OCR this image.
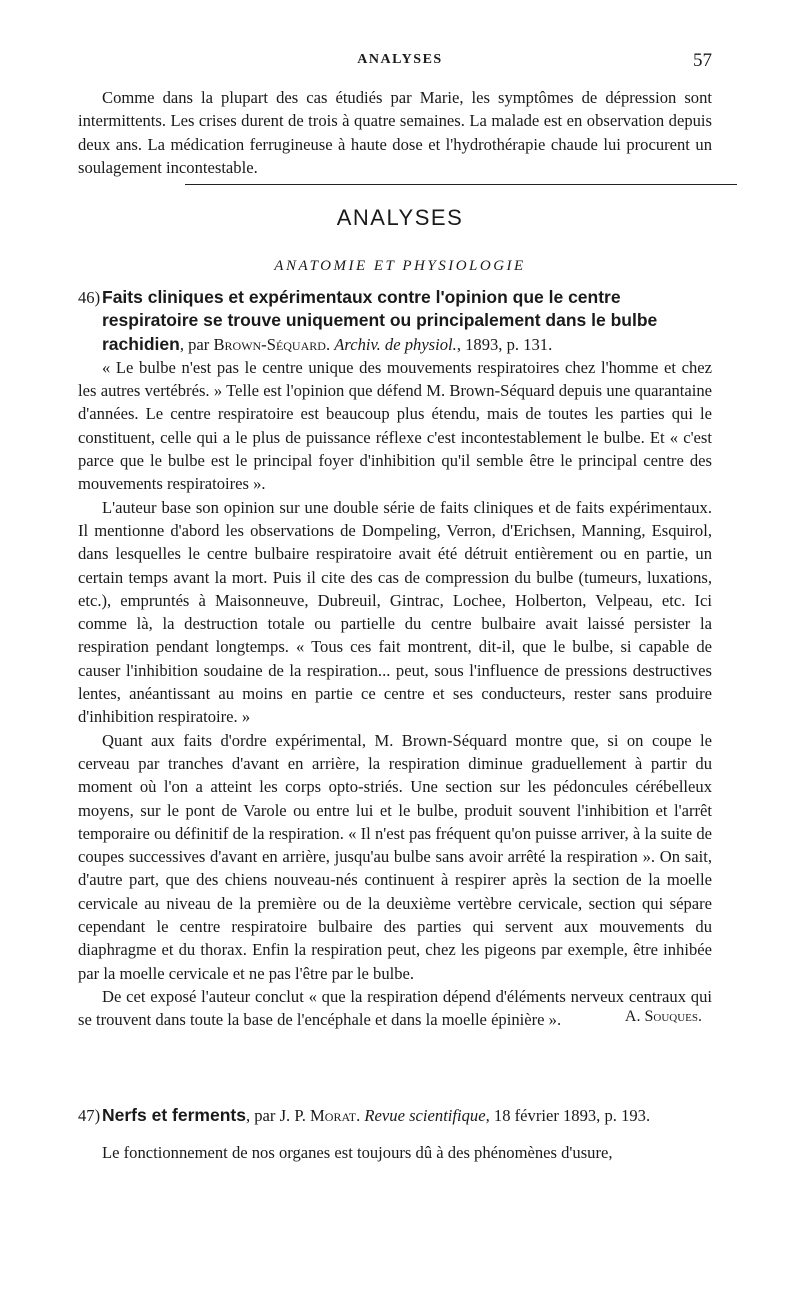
ANALYSES	57

Comme dans la plupart des cas étudiés par Marie, les symptômes de dépression sont intermittents. Les crises durent de trois à quatre semaines. La malade est en observation depuis deux ans. La médication ferrugineuse à haute dose et l'hydrothérapie chaude lui procurent un soulagement incontestable.

ANALYSES
ANATOMIE ET PHYSIOLOGIE
46) Faits cliniques et expérimentaux contre l'opinion que le centre respiratoire se trouve uniquement ou principalement dans le bulbe rachidien, par Brown-Séquard. Archiv. de physiol., 1893, p. 131.

« Le bulbe n'est pas le centre unique des mouvements respiratoires chez l'homme et chez les autres vertébrés. » Telle est l'opinion que défend M. Brown-Séquard depuis une quarantaine d'années. Le centre respiratoire est beaucoup plus étendu, mais de toutes les parties qui le constituent, celle qui a le plus de puissance réflexe c'est incontestablement le bulbe. Et « c'est parce que le bulbe est le principal foyer d'inhibition qu'il semble être le principal centre des mouvements respiratoires ».

L'auteur base son opinion sur une double série de faits cliniques et de faits expérimentaux. Il mentionne d'abord les observations de Dompeling, Verron, d'Erichsen, Manning, Esquirol, dans lesquelles le centre bulbaire respiratoire avait été détruit entièrement ou en partie, un certain temps avant la mort. Puis il cite des cas de compression du bulbe (tumeurs, luxations, etc.), empruntés à Maisonneuve, Dubreuil, Gintrac, Lochee, Holberton, Velpeau, etc. Ici comme là, la destruction totale ou partielle du centre bulbaire avait laissé persister la respiration pendant longtemps. « Tous ces fait montrent, dit-il, que le bulbe, si capable de causer l'inhibition soudaine de la respiration... peut, sous l'influence de pressions destructives lentes, anéantissant au moins en partie ce centre et ses conducteurs, rester sans produire d'inhibition respiratoire. »

Quant aux faits d'ordre expérimental, M. Brown-Séquard montre que, si on coupe le cerveau par tranches d'avant en arrière, la respiration diminue graduellement à partir du moment où l'on a atteint les corps opto-striés. Une section sur les pédoncules cérébelleux moyens, sur le pont de Varole ou entre lui et le bulbe, produit souvent l'inhibition et l'arrêt temporaire ou définitif de la respiration. « Il n'est pas fréquent qu'on puisse arriver, à la suite de coupes successives d'avant en arrière, jusqu'au bulbe sans avoir arrêté la respiration ». On sait, d'autre part, que des chiens nouveau-nés continuent à respirer après la section de la moelle cervicale au niveau de la première ou de la deuxième vertèbre cervicale, section qui sépare cependant le centre respiratoire bulbaire des parties qui servent aux mouvements du diaphragme et du thorax. Enfin la respiration peut, chez les pigeons par exemple, être inhibée par la moelle cervicale et ne pas l'être par le bulbe.

De cet exposé l'auteur conclut « que la respiration dépend d'éléments nerveux centraux qui se trouvent dans toute la base de l'encéphale et dans la moelle épinière ».	A. Souques.
47) Nerfs et ferments, par J. P. Morat. Revue scientifique, 18 février 1893, p. 193.

Le fonctionnement de nos organes est toujours dû à des phénomènes d'usure,
